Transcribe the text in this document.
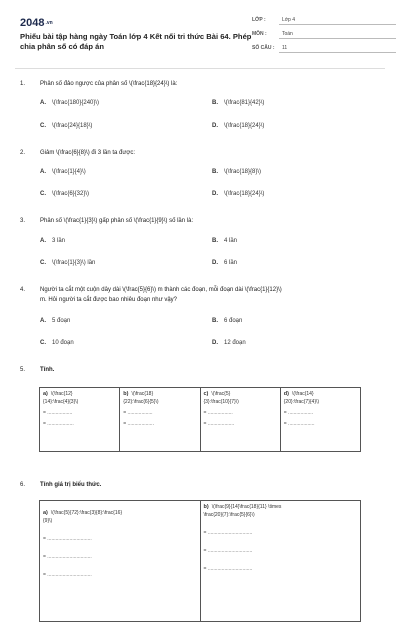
2048.vn
Phiếu bài tập hàng ngày Toán lớp 4 Kết nối tri thức Bài 64. Phép chia phân số có đáp án
LỚP :	Lớp 4
MÔN :	Toán
SỐ CÂU : 11
1. Phân số đảo ngược của phân số \(\frac{18}{24}\) là:
A. \(\frac{180}{240}\)	B. \(\frac{81}{42}\)
C. \(\frac{24}{18}\)	D. \(\frac{18}{24}\)
2. Giảm \(\frac{6}{8}\) đi 3 lần ta được:
A. \(\frac{1}{4}\)	B. \(\frac{18}{8}\)
C. \(\frac{6}{32}\)	D. \(\frac{18}{24}\)
3. Phân số \(\frac{1}{3}\) gấp phân số \(\frac{1}{9}\) số lần là:
A. 3 lần	B. 4 lần
C. \(\frac{1}{3}\) lần	D. 6 lần
4. Người ta cắt một cuộn dây dài \(\frac{5}{6}\) m thành các đoạn, mỗi đoạn dài \(\frac{1}{12}\)
m. Hỏi người ta cắt được bao nhiêu đoạn như vậy?
A. 5 đoạn	B. 6 đoạn
C. 10 đoạn	D. 12 đoạn
5. Tính.
a) \(\frac{12}
{14}:\frac{4}{3}\)
= ..................
= ...................

b) \(\frac{18}
{22}:\frac{6}{5}\)
= ..................
= ...................

c) \(\frac{5}
{3}:\frac{10}{7}\)
= ..................
= ...................

d) \(\frac{14}
{20}:\frac{7}{4}\)
= ..................
= ...................
6. Tính giá trị biểu thức.
a) \(\frac{5}{72}:\frac{3}{8}:\frac{16}
{9}\)
= ................................
= ................................
= ................................

b) \(\frac{9}{14}\frac{18}{11} \times
\frac{20}{7}:\frac{5}{6}\)
= ................................
= ................................
= ................................
